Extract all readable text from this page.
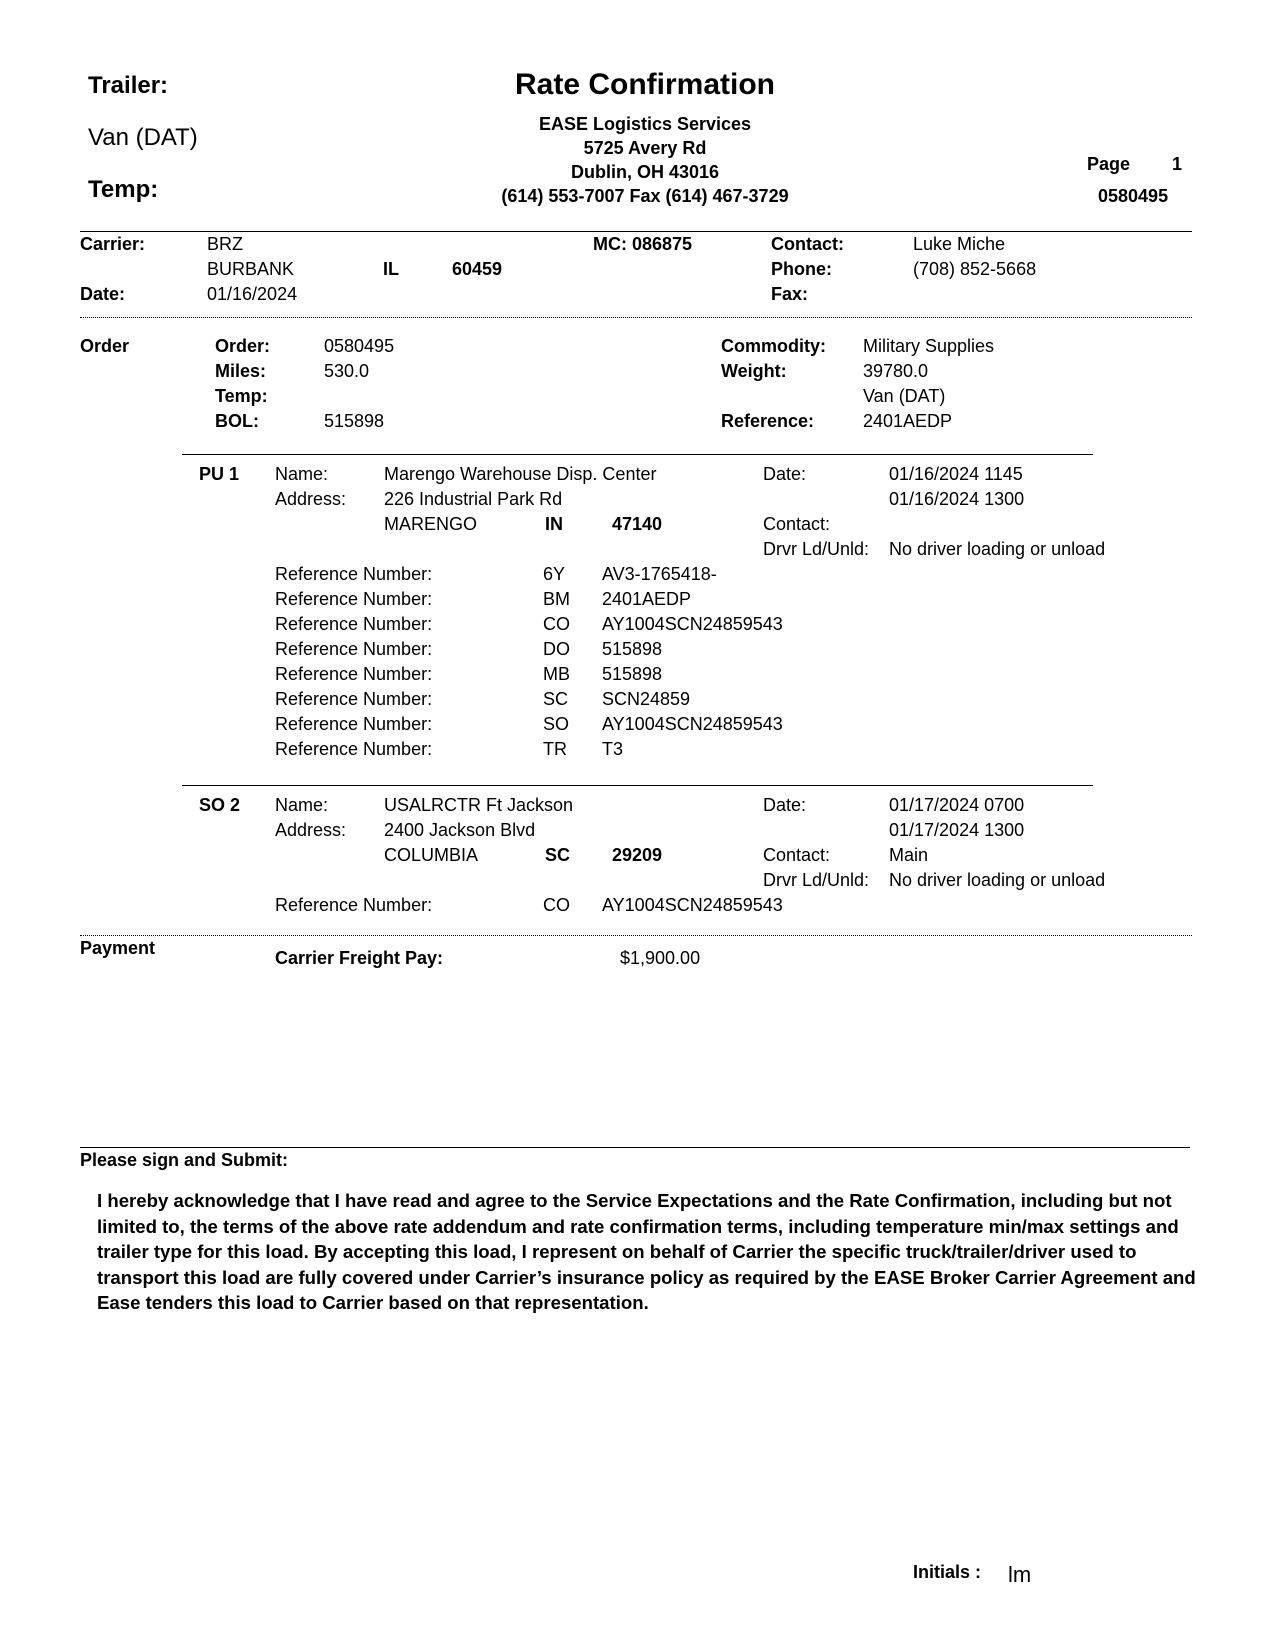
Trailer:
Van (DAT)
Temp:
Rate Confirmation
EASE Logistics Services
5725 Avery Rd
Dublin, OH 43016
(614) 553-7007 Fax (614) 467-3729
Page 1
0580495
Carrier:	BRZ	MC: 086875	Contact:	Luke Miche
BURBANK	IL	60459	Phone:	(708) 852-5668
Date:	01/16/2024	Fax:
Order	Order:	0580495
Miles:	530.0
Temp:
BOL:	515898
Commodity: Military Supplies
Weight:	39780.0
Van (DAT)
Reference:	2401AEDP
PU 1 Name:	Marengo Warehouse Disp. Center	Date:	01/16/2024 1145
Address: 226 Industrial Park Rd	01/16/2024 1300
MARENGO	IN	47140	Contact:
Drvr Ld/Unld: No driver loading or unload
Reference Number:	6Y AV3-1765418-
Reference Number:	BM 2401AEDP
Reference Number:	CO AY1004SCN24859543
Reference Number:	DO 515898
Reference Number:	MB 515898
Reference Number:	SC SCN24859
Reference Number:	SO AY1004SCN24859543
Reference Number:	TR T3
SO 2 Name:	USALRCTR Ft Jackson	Date:	01/17/2024 0700
Address: 2400 Jackson Blvd	01/17/2024 1300
COLUMBIA	SC 29209	Contact:	Main
Drvr Ld/Unld: No driver loading or unload
Reference Number:	CO AY1004SCN24859543
Payment	Carrier Freight Pay:	$1,900.00
Please sign and Submit:
I hereby acknowledge that I have read and agree to the Service Expectations and the Rate Confirmation, including but not limited to, the terms of the above rate addendum and rate confirmation terms, including temperature min/max settings and trailer type for this load. By accepting this load, I represent on behalf of Carrier the specific truck/trailer/driver used to transport this load are fully covered under Carrier’s insurance policy as required by the EASE Broker Carrier Agreement and Ease tenders this load to Carrier based on that representation.
Initials : lm
